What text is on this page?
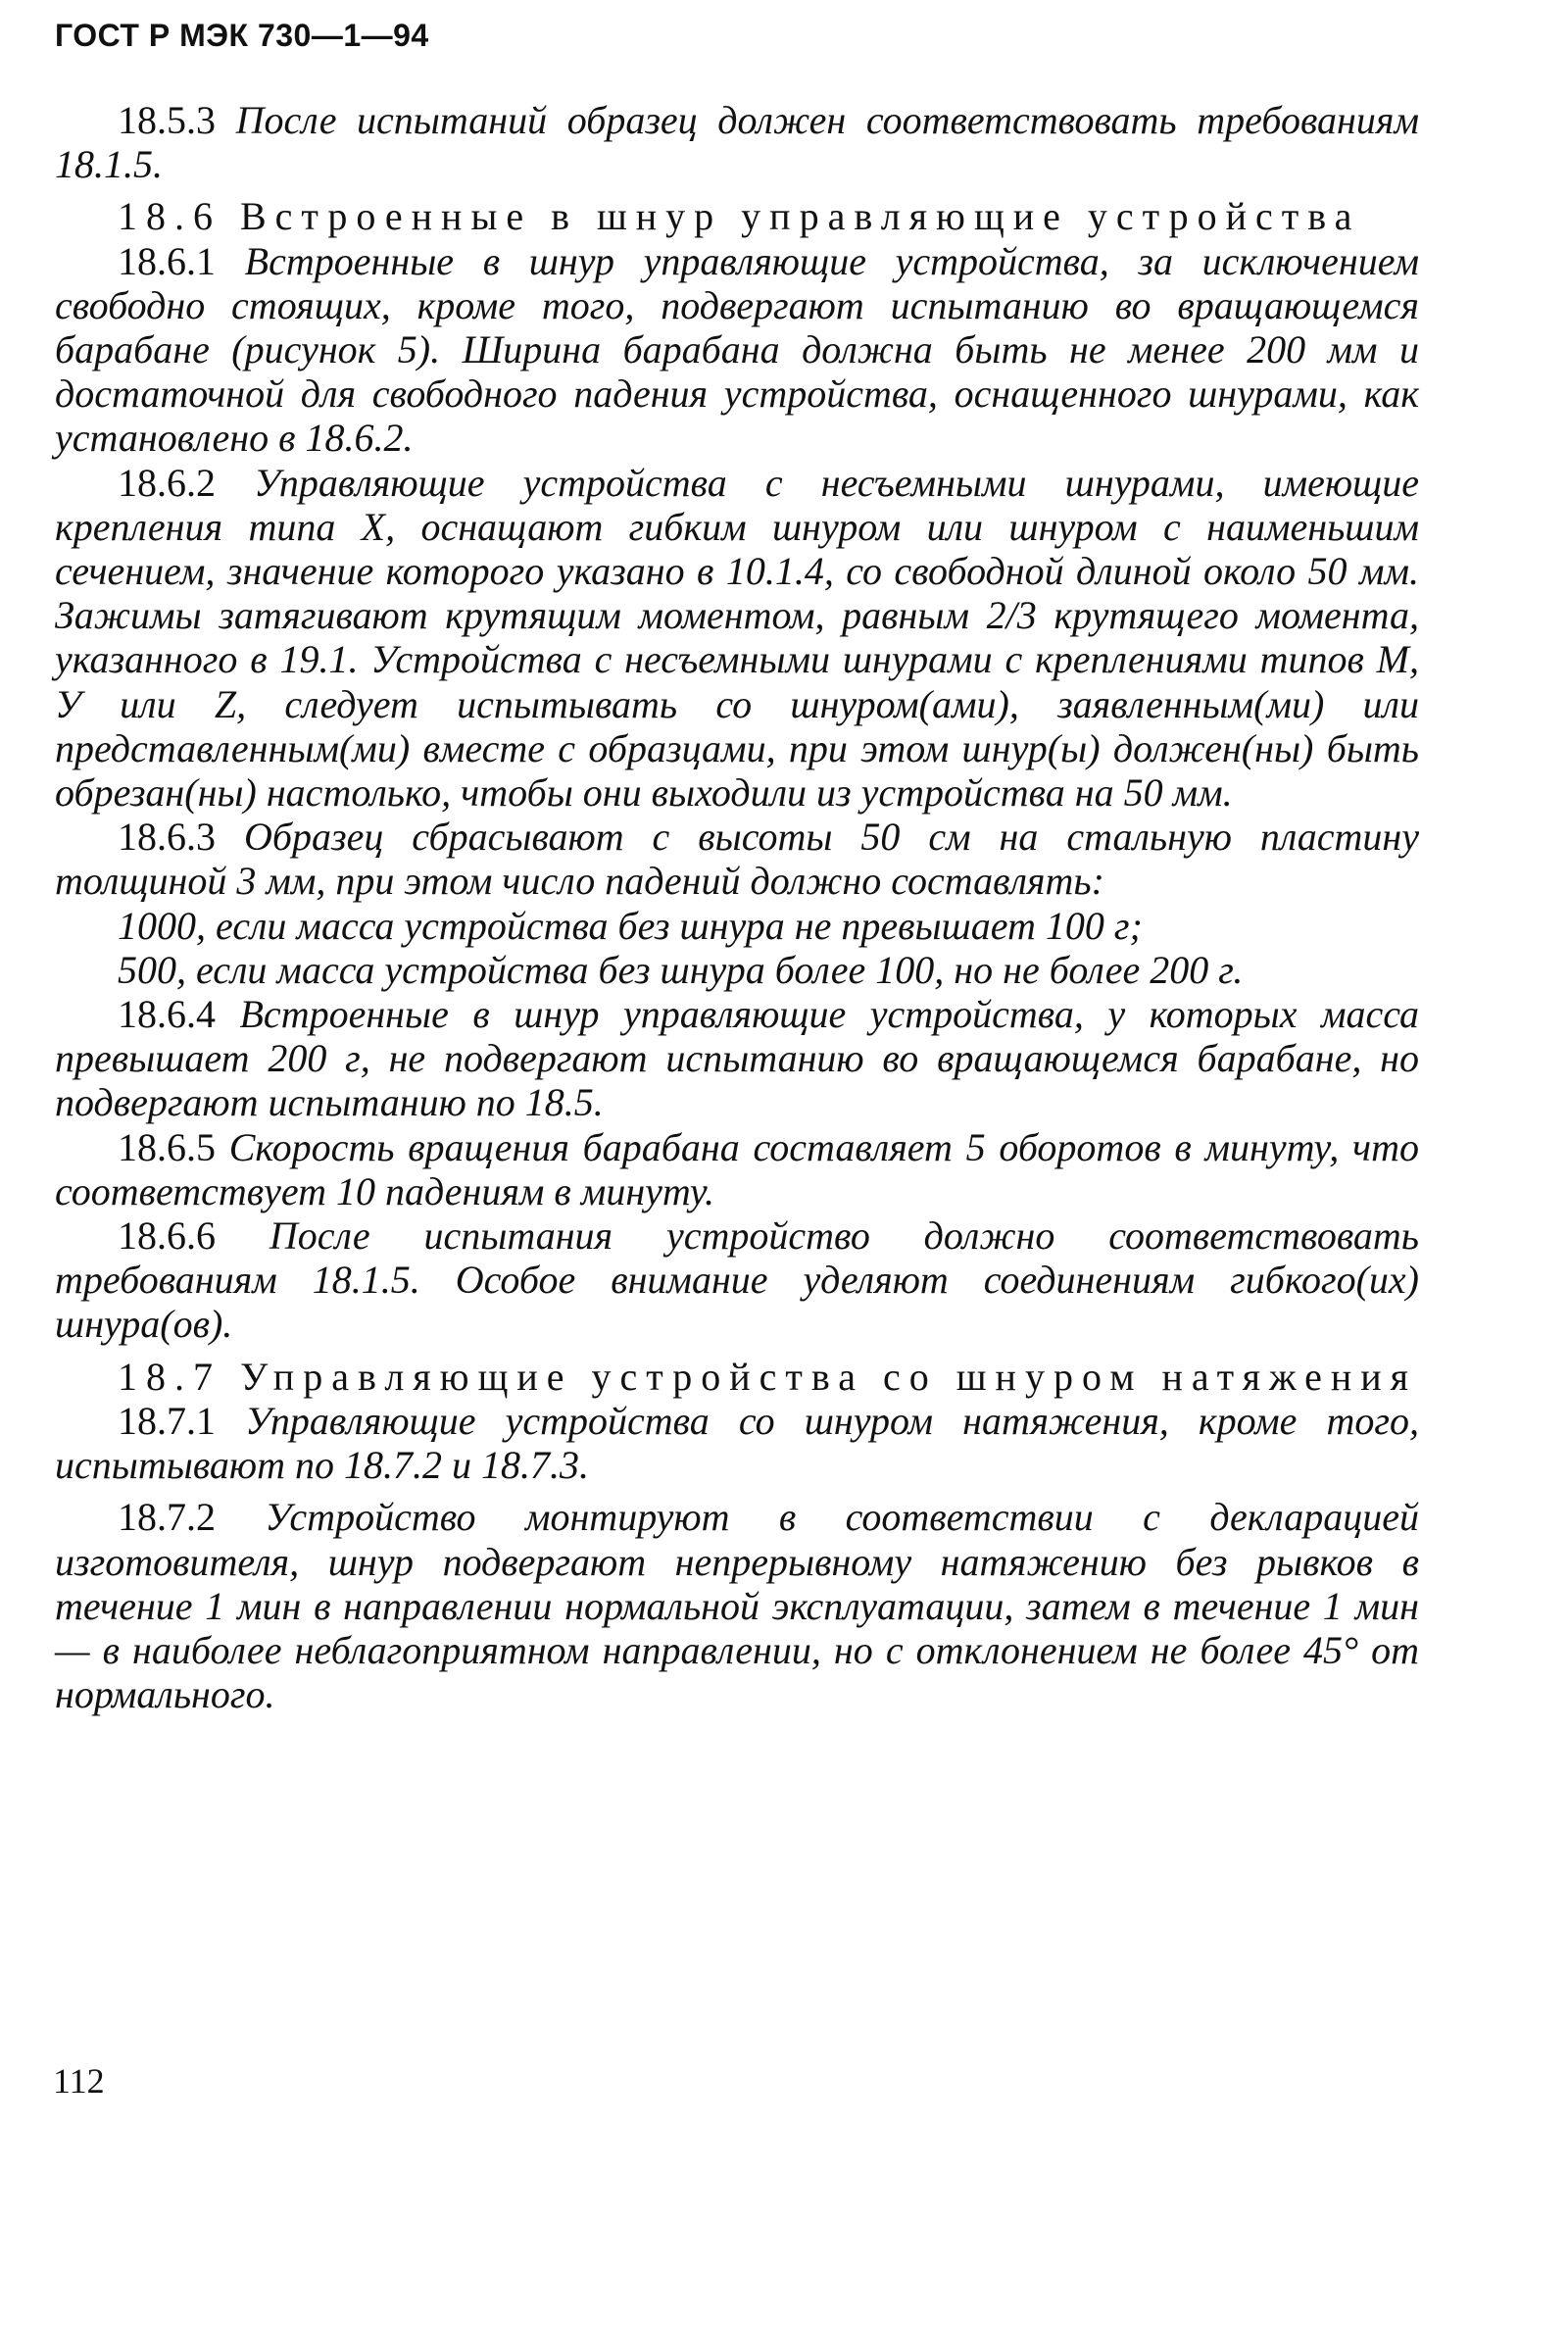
ГОСТ Р МЭК 730—1—94

18.5.3 После испытаний образец должен соответствовать требованиям 18.1.5.

18.6 Встроенные в шнур управляющие устройства

18.6.1 Встроенные в шнур управляющие устройства, за исключением свободно стоящих, кроме того, подвергают испытанию во вращающемся барабане (рисунок 5). Ширина барабана должна быть не менее 200 мм и достаточной для свободного падения устройства, оснащенного шнурами, как установлено в 18.6.2.

18.6.2 Управляющие устройства с несъемными шнурами, имеющие крепления типа X, оснащают гибким шнуром или шнуром с наименьшим сечением, значение которого указано в 10.1.4, со свободной длиной около 50 мм. Зажимы затягивают крутящим моментом, равным 2/3 крутящего момента, указанного в 19.1. Устройства с несъемными шнурами с креплениями типов M, У или Z, следует испытывать со шнуром(ами), заявленным(ми) или представленным(ми) вместе с образцами, при этом шнур(ы) должен(ны) быть обрезан(ны) настолько, чтобы они выходили из устройства на 50 мм.

18.6.3 Образец сбрасывают с высоты 50 см на стальную пластину толщиной 3 мм, при этом число падений должно составлять:

1000, если масса устройства без шнура не превышает 100 г;

500, если масса устройства без шнура более 100, но не более 200 г.

18.6.4 Встроенные в шнур управляющие устройства, у которых масса превышает 200 г, не подвергают испытанию во вращающемся барабане, но подвергают испытанию по 18.5.

18.6.5 Скорость вращения барабана составляет 5 оборотов в минуту, что соответствует 10 падениям в минуту.

18.6.6 После испытания устройство должно соответствовать требованиям 18.1.5. Особое внимание уделяют соединениям гибкого(их) шнура(ов).

18.7 Управляющие устройства со шнуром натяжения

18.7.1 Управляющие устройства со шнуром натяжения, кроме того, испытывают по 18.7.2 и 18.7.3.

18.7.2 Устройство монтируют в соответствии с декларацией изготовителя, шнур подвергают непрерывному натяжению без рывков в течение 1 мин в направлении нормальной эксплуатации, затем в течение 1 мин — в наиболее неблагоприятном направлении, но с отклонением не более 45° от нормального.

112
